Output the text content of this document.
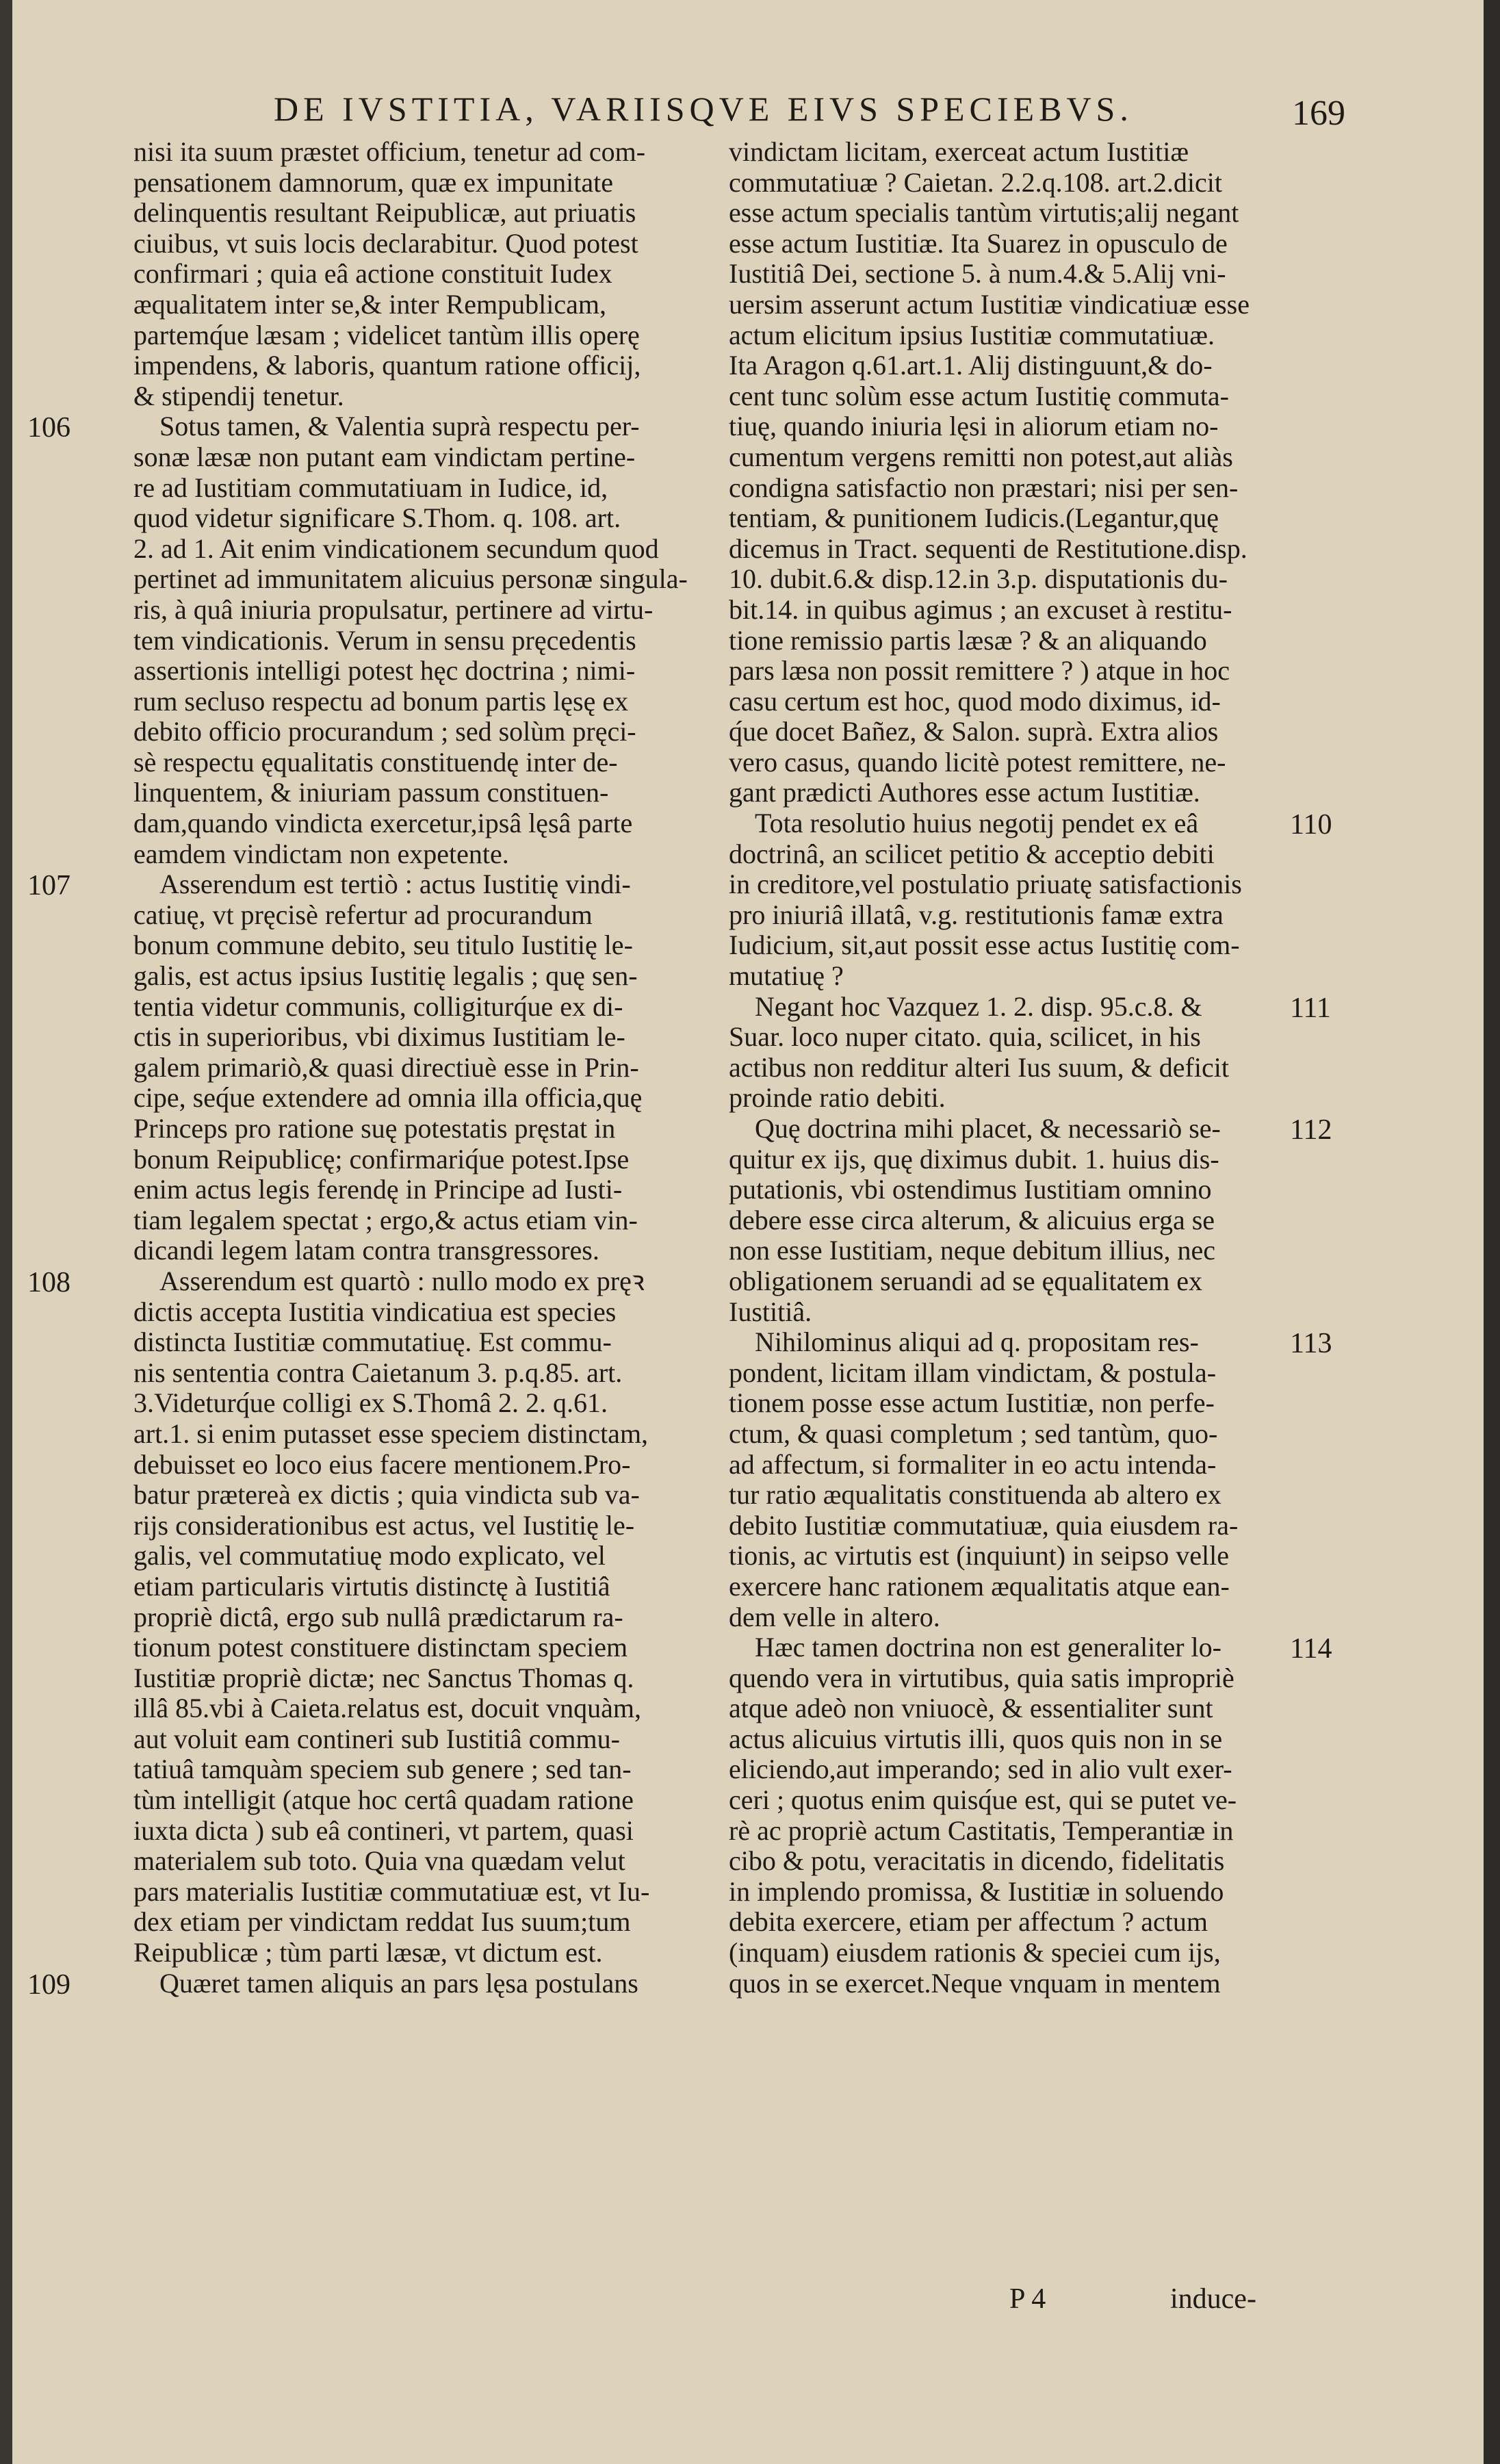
DE IVSTITIA, VARIISQVE EIVS SPECIEBVS.	169
nisi ita suum præstet officium, tenetur ad com-
pensationem damnorum, quæ ex impunitate
delinquentis resultant Reipublicæ, aut priuatis
ciuibus, vt suis locis declarabitur. Quod potest
confirmari ; quia eâ actione constituit Iudex
æqualitatem inter se,& inter Rempublicam,
partemq́ue læsam ; videlicet tantùm illis operę
impendens, & laboris, quantum ratione officij,
& stipendij tenetur.
Sotus tamen, & Valentia suprà respectu per-
sonæ læsæ non putant eam vindictam pertine-
re ad Iustitiam commutatiuam in Iudice, id,
quod videtur significare S.Thom. q. 108. art.
2. ad 1. Ait enim vindicationem secundum quod
pertinet ad immunitatem alicuius personæ singula-
ris, à quâ iniuria propulsatur, pertinere ad virtu-
tem vindicationis. Verum in sensu pręcedentis
assertionis intelligi potest hęc doctrina ; nimi-
rum secluso respectu ad bonum partis lęsę ex
debito officio procurandum ; sed solùm pręci-
sè respectu ęqualitatis constituendę inter de-
linquentem, & iniuriam passum constituen-
dam,quando vindicta exercetur,ipsâ lęsâ parte
eamdem vindictam non expetente.
Asserendum est tertiò : actus Iustitię vindi-
catiuę, vt pręcisè refertur ad procurandum
bonum commune debito, seu titulo Iustitię le-
galis, est actus ipsius Iustitię legalis ; quę sen-
tentia videtur communis, colligiturq́ue ex di-
ctis in superioribus, vbi diximus Iustitiam le-
galem primariò,& quasi directiuè esse in Prin-
cipe, seq́ue extendere ad omnia illa officia,quę
Princeps pro ratione suę potestatis pręstat in
bonum Reipublicę; confirmariq́ue potest.Ipse
enim actus legis ferendę in Principe ad Iusti-
tiam legalem spectat ; ergo,& actus etiam vin-
dicandi legem latam contra transgressores.
Asserendum est quartò : nullo modo ex pręꝛ
dictis accepta Iustitia vindicatiua est species
distincta Iustitiæ commutatiuę. Est commu-
nis sententia contra Caietanum 3. p.q.85. art.
3.Videturq́ue colligi ex S.Thomâ 2. 2. q.61.
art.1. si enim putasset esse speciem distinctam,
debuisset eo loco eius facere mentionem.Pro-
batur prætereà ex dictis ; quia vindicta sub va-
rijs considerationibus est actus, vel Iustitię le-
galis, vel commutatiuę modo explicato, vel
etiam particularis virtutis distinctę à Iustitiâ
propriè dictâ, ergo sub nullâ prædictarum ra-
tionum potest constituere distinctam speciem
Iustitiæ propriè dictæ; nec Sanctus Thomas q.
illâ 85.vbi à Caieta.relatus est, docuit vnquàm,
aut voluit eam contineri sub Iustitiâ commu-
tatiuâ tamquàm speciem sub genere ; sed tan-
tùm intelligit (atque hoc certâ quadam ratione
iuxta dicta ) sub eâ contineri, vt partem, quasi
materialem sub toto. Quia vna quædam velut
pars materialis Iustitiæ commutatiuæ est, vt Iu-
dex etiam per vindictam reddat Ius suum;tum
Reipublicæ ; tùm parti læsæ, vt dictum est.
Quæret tamen aliquis an pars lęsa postulans
vindictam licitam, exerceat actum Iustitiæ
commutatiuæ ? Caietan. 2.2.q.108. art.2.dicit
esse actum specialis tantùm virtutis;alij negant
esse actum Iustitiæ. Ita Suarez in opusculo de
Iustitiâ Dei, sectione 5. à num.4.& 5.Alij vni-
uersim asserunt actum Iustitiæ vindicatiuæ esse
actum elicitum ipsius Iustitiæ commutatiuæ.
Ita Aragon q.61.art.1. Alij distinguunt,& do-
cent tunc solùm esse actum Iustitię commuta-
tiuę, quando iniuria lęsi in aliorum etiam no-
cumentum vergens remitti non potest,aut aliàs
condigna satisfactio non præstari; nisi per sen-
tentiam, & punitionem Iudicis.(Legantur,quę
dicemus in Tract. sequenti de Restitutione.disp.
10. dubit.6.& disp.12.in 3.p. disputationis du-
bit.14. in quibus agimus ; an excuset à restitu-
tione remissio partis læsæ ? & an aliquando
pars læsa non possit remittere ? ) atque in hoc
casu certum est hoc, quod modo diximus, id-
q́ue docet Bañez, & Salon. suprà. Extra alios
vero casus, quando licitè potest remittere, ne-
gant prædicti Authores esse actum Iustitiæ.
Tota resolutio huius negotij pendet ex eâ
doctrinâ, an scilicet petitio & acceptio debiti
in creditore,vel postulatio priuatę satisfactionis
pro iniuriâ illatâ, v.g. restitutionis famæ extra
Iudicium, sit,aut possit esse actus Iustitię com-
mutatiuę ?
Negant hoc Vazquez 1. 2. disp. 95.c.8. &
Suar. loco nuper citato. quia, scilicet, in his
actibus non redditur alteri Ius suum, & deficit
proinde ratio debiti.
Quę doctrina mihi placet, & necessariò se-
quitur ex ijs, quę diximus dubit. 1. huius dis-
putationis, vbi ostendimus Iustitiam omnino
debere esse circa alterum, & alicuius erga se
non esse Iustitiam, neque debitum illius, nec
obligationem seruandi ad se ęqualitatem ex
Iustitiâ.
Nihilominus aliqui ad q. propositam res-
pondent, licitam illam vindictam, & postula-
tionem posse esse actum Iustitiæ, non perfe-
ctum, & quasi completum ; sed tantùm, quo-
ad affectum, si formaliter in eo actu intenda-
tur ratio æqualitatis constituenda ab altero ex
debito Iustitiæ commutatiuæ, quia eiusdem ra-
tionis, ac virtutis est (inquiunt) in seipso velle
exercere hanc rationem æqualitatis atque ean-
dem velle in altero.
Hæc tamen doctrina non est generaliter lo-
quendo vera in virtutibus, quia satis impropriè
atque adeò non vniuocè, & essentialiter sunt
actus alicuius virtutis illi, quos quis non in se
eliciendo,aut imperando; sed in alio vult exer-
ceri ; quotus enim quisq́ue est, qui se putet ve-
rè ac propriè actum Castitatis, Temperantiæ in
cibo & potu, veracitatis in dicendo, fidelitatis
in implendo promissa, & Iustitiæ in soluendo
debita exercere, etiam per affectum ? actum
(inquam) eiusdem rationis & speciei cum ijs,
quos in se exercet.Neque vnquam in mentem
106
107
108
109
110
111
112
113
114
P 4	induce-
